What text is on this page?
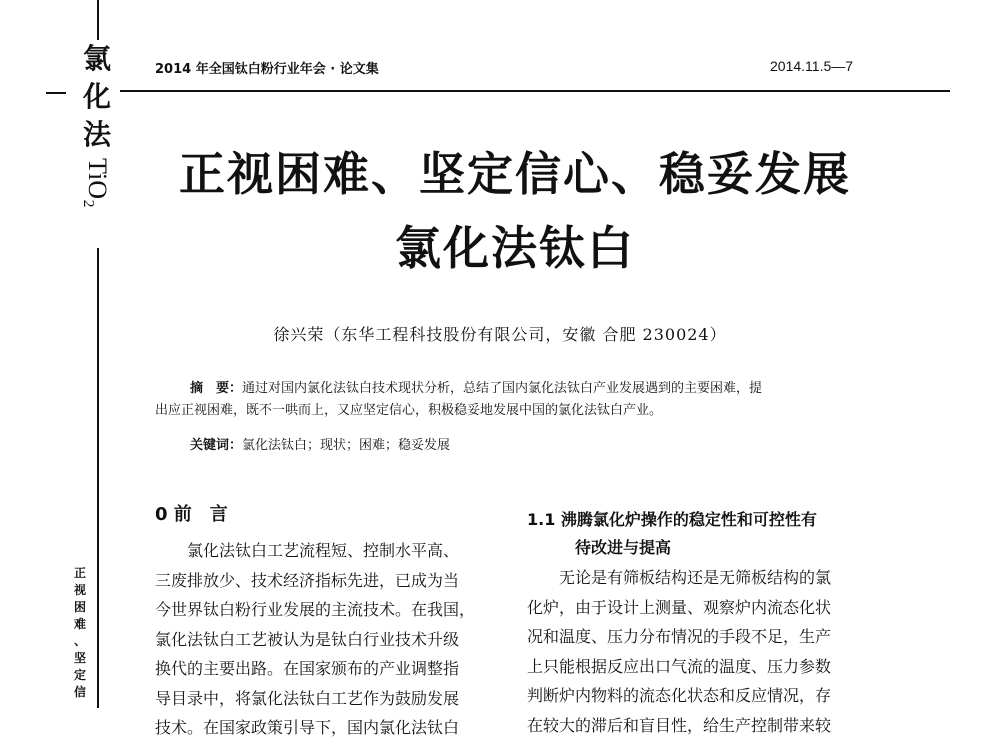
氯
化
法
TiO₂
正
视
困
难
、
坚
定
信
2014 年全国钛白粉行业年会 · 论文集	2014.11.5—7
正视困难、坚定信心、稳妥发展
氯化法钛白
徐兴荣（东华工程科技股份有限公司，安徽 合肥 230024）
摘　要：通过对国内氯化法钛白技术现状分析，总结了国内氯化法钛白产业发展遇到的主要困难，提
出应正视困难，既不一哄而上，又应坚定信心，积极稳妥地发展中国的氯化法钛白产业。
关键词：氯化法钛白；现状；困难；稳妥发展
0 前　言
　　氯化法钛白工艺流程短、控制水平高、
三废排放少、技术经济指标先进，已成为当
今世界钛白粉行业发展的主流技术。在我国，
氯化法钛白工艺被认为是钛白行业技术升级
换代的主要出路。在国家颁布的产业调整指
导目录中，将氯化法钛白工艺作为鼓励发展
技术。在国家政策引导下，国内氯化法钛白
1.1 沸腾氯化炉操作的稳定性和可控性有
待改进与提高
　　无论是有筛板结构还是无筛板结构的氯
化炉，由于设计上测量、观察炉内流态化状
况和温度、压力分布情况的手段不足，生产
上只能根据反应出口气流的温度、压力参数
判断炉内物料的流态化状态和反应情况，存
在较大的滞后和盲目性，给生产控制带来较
